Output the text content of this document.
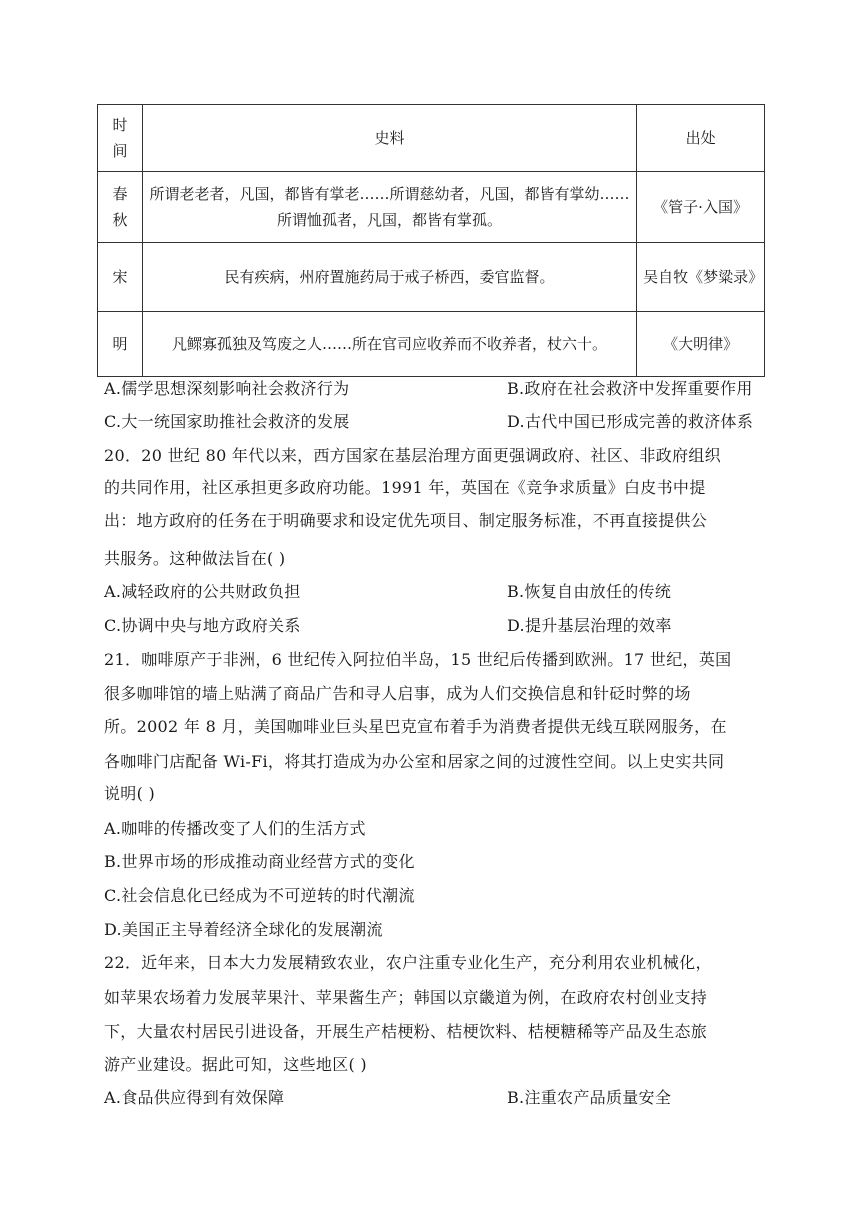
时间	史料	出处

春秋	所谓老老者，凡国，都皆有掌老……所谓慈幼者，凡国，都皆有掌幼……所谓恤孤者，凡国，都皆有掌孤。	《管子·入国》

宋	民有疾病，州府置施药局于戒子桥西，委官监督。	吴自牧《梦粱录》

明	凡鳏寡孤独及笃废之人……所在官司应收养而不收养者，杖六十。	《大明律》
A.儒学思想深刻影响社会救济行为	B.政府在社会救济中发挥重要作用
C.大一统国家助推社会救济的发展	D.古代中国已形成完善的救济体系
20．20 世纪 80 年代以来，西方国家在基层治理方面更强调政府、社区、非政府组织
的共同作用，社区承担更多政府功能。1991 年，英国在《竞争求质量》白皮书中提
出：地方政府的任务在于明确要求和设定优先项目、制定服务标准，不再直接提供公
共服务。这种做法旨在( )
A.减轻政府的公共财政负担	B.恢复自由放任的传统
C.协调中央与地方政府关系	D.提升基层治理的效率
21．咖啡原产于非洲，6 世纪传入阿拉伯半岛，15 世纪后传播到欧洲。17 世纪，英国
很多咖啡馆的墙上贴满了商品广告和寻人启事，成为人们交换信息和针砭时弊的场
所。2002 年 8 月，美国咖啡业巨头星巴克宣布着手为消费者提供无线互联网服务，在
各咖啡门店配备 Wi-Fi，将其打造成为办公室和居家之间的过渡性空间。以上史实共同
说明( )
A.咖啡的传播改变了人们的生活方式
B.世界市场的形成推动商业经营方式的变化
C.社会信息化已经成为不可逆转的时代潮流
D.美国正主导着经济全球化的发展潮流
22．近年来，日本大力发展精致农业，农户注重专业化生产，充分利用农业机械化，
如苹果农场着力发展苹果汁、苹果酱生产；韩国以京畿道为例，在政府农村创业支持
下，大量农村居民引进设备，开展生产桔梗粉、桔梗饮料、桔梗糖稀等产品及生态旅
游产业建设。据此可知，这些地区( )
A.食品供应得到有效保障	B.注重农产品质量安全
